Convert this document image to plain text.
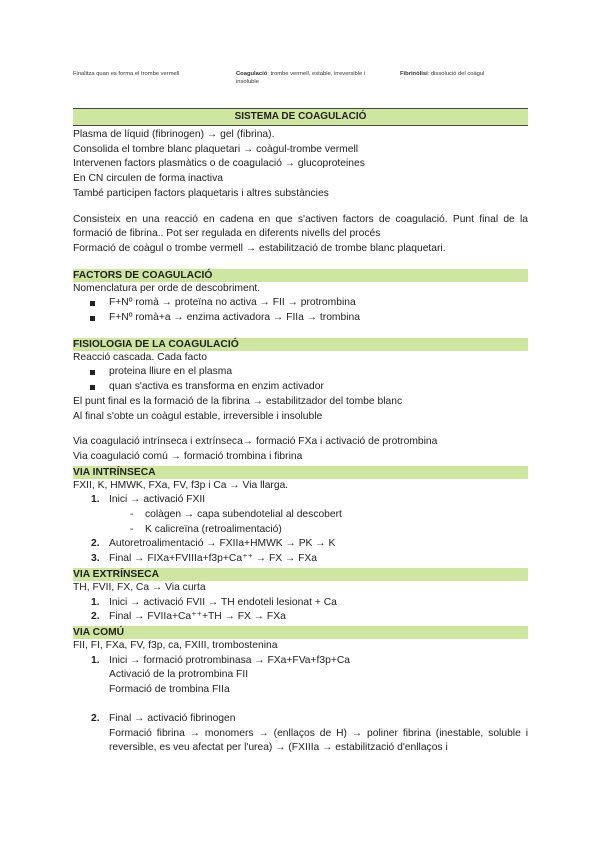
Finalitza quan es forma el trombe vermell	Coagulació: trombe vermell, estable, irreversible i insoluble
Fibrinòlisi: dissolució del coàgul
SISTEMA DE COAGULACIÓ
Plasma de líquid (fibrinogen) → gel (fibrina).
Consolida el tombre blanc plaquetari → coàgul-trombe vermell
Intervenen factors plasmàtics o de coagulació → glucoproteines
En CN circulen de forma inactiva
També participen factors plaquetaris i altres substàncies
Consisteix en una reacció en cadena en que s'activen factors de coagulació. Punt final de la formació de fibrina.. Pot ser regulada en diferents nivells del procés
Formació de coàgul o trombe vermell → estabilització de trombe blanc plaquetari.
FACTORS DE COAGULACIÓ
Nomenclatura per orde de descobriment.
F+Nº romà → proteïna no activa → FII → protrombina
F+Nº romà+a → enzima activadora → FIIa → trombina
FISIOLOGIA DE LA COAGULACIÓ
Reacció cascada. Cada facto
proteina lliure en el plasma
quan s'activa es transforma en enzim activador
El punt final es la formació de la fibrina → estabilitzador del tombe blanc
Al final s'obte un coàgul estable, irreversible i insoluble
Via coagulació intrínseca i extrínseca→ formació FXa i activació de protrombina
Via coagulació comú → formació trombina i fibrina
VIA INTRÍNSECA
FXII, K, HMWK, FXa, FV, f3p i Ca → Via llarga.
1. Inici → activació FXII
- colàgen → capa subendotelial al descobert
- K calicreïna (retroalimentació)
2. Autoretroalimentació → FXIIa+HMWK → PK → K
3. Final → FIXa+FVIIIa+f3p+Ca⁺⁺ → FX → FXa
VIA EXTRÍNSECA
TH, FVII, FX, Ca → Via curta
1. Inici → activació FVII → TH endoteli lesionat + Ca
2. Final → FVIIa+Ca⁺⁺+TH → FX → FXa
VIA COMÚ
FII, FI, FXa, FV, f3p, ca, FXIII, trombostenina
1. Inici → formació protrombinasa → FXa+FVa+f3p+Ca
Activació de la protrombina FII
Formació de trombina FIIa
2. Final → activació fibrinogen
Formació fibrina → monomers → (enllaços de H) → poliner fibrina (inestable, soluble i reversible, es veu afectat per l'urea) → (FXIIIa → estabilització d'enllaços i
